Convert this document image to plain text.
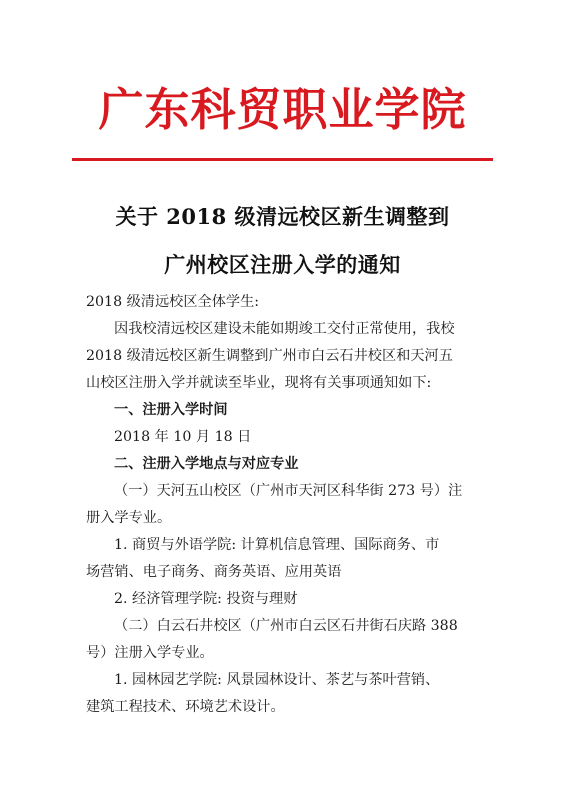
广东科贸职业学院
关于 2018 级清远校区新生调整到
广州校区注册入学的通知
2018 级清远校区全体学生:
因我校清远校区建设未能如期竣工交付正常使用，我校
2018 级清远校区新生调整到广州市白云石井校区和天河五
山校区注册入学并就读至毕业，现将有关事项通知如下:
一、注册入学时间
2018 年 10 月 18 日
二、注册入学地点与对应专业
（一）天河五山校区（广州市天河区科华街 273 号）注
册入学专业。
1. 商贸与外语学院: 计算机信息管理、国际商务、市
场营销、电子商务、商务英语、应用英语
2. 经济管理学院: 投资与理财
（二）白云石井校区（广州市白云区石井街石庆路 388
号）注册入学专业。
1. 园林园艺学院: 风景园林设计、茶艺与茶叶营销、
建筑工程技术、环境艺术设计。
